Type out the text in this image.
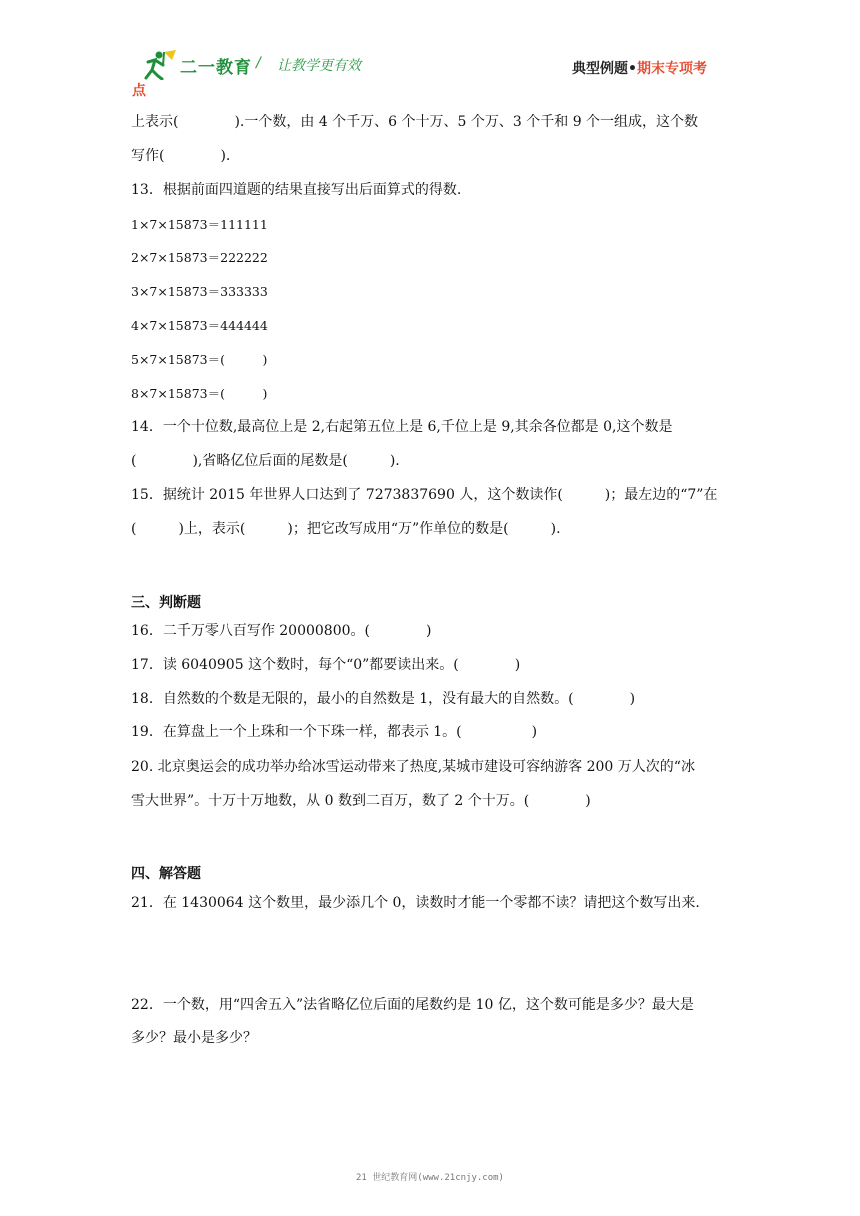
二一教育 / 让教学更有效	典型例题•期末专项考
点
上表示(　　　　).一个数，由 4 个千万、6 个十万、5 个万、3 个千和 9 个一组成，这个数
写作(　　　　).
13．根据前面四道题的结果直接写出后面算式的得数.
1×7×15873＝111111
2×7×15873＝222222
3×7×15873＝333333
4×7×15873＝444444
5×7×15873＝(　　　)
8×7×15873＝(　　　)
14．一个十位数,最高位上是 2,右起第五位上是 6,千位上是 9,其余各位都是 0,这个数是
(　　　　),省略亿位后面的尾数是(　　　).
15．据统计 2015 年世界人口达到了 7273837690 人，这个数读作(　　　)；最左边的“7”在
(　　　)上，表示(　　　)；把它改写成用“万”作单位的数是(　　　).
三、判断题
16．二千万零八百写作 20000800。(　　　　)
17．读 6040905 这个数时，每个“0”都要读出来。(　　　　)
18．自然数的个数是无限的，最小的自然数是 1，没有最大的自然数。(　　　　)
19．在算盘上一个上珠和一个下珠一样，都表示 1。(　　　　　)
20. 北京奥运会的成功举办给冰雪运动带来了热度,某城市建设可容纳游客 200 万人次的“冰
雪大世界”。十万十万地数，从 0 数到二百万，数了 2 个十万。(　　　　)
四、解答题
21．在 1430064 这个数里，最少添几个 0，读数时才能一个零都不读？请把这个数写出来.
22．一个数，用“四舍五入”法省略亿位后面的尾数约是 10 亿，这个数可能是多少？最大是
多少？最小是多少？
21 世纪教育网(www.21cnjy.com)
